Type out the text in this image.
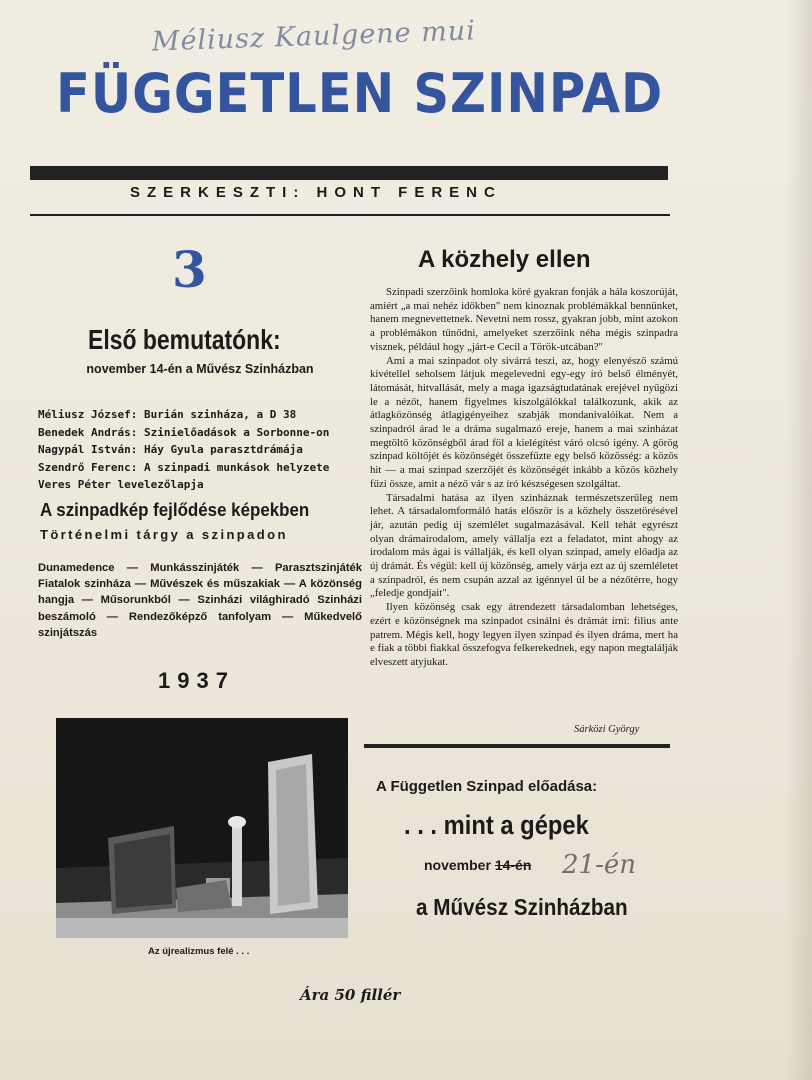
Méliusz Kaulgene mui
FÜGGETLEN SZINPAD
SZERKESZTI: HONT FERENC
3
Első bemutatónk:
november 14-én a Művész Szinházban
Méliusz József: Burián szinháza, a D 38
Benedek András: Szinielőadások a Sorbonne-on
Nagypál István: Háy Gyula parasztdrámája
Szendrő Ferenc: A szinpadi munkások helyzete
Veres Péter levelezőlapja
A szinpadkép fejlődése képekben
Történelmi tárgy a szinpadon
Dunamedence — Munkásszinjáték — Parasztszinjáték Fiatalok szinháza — Művészek és műszakiak — A közönség hangja — Műsorunkból — Szinházi világhiradó Szinházi beszámoló — Rendezőképző tanfolyam — Műkedvelő szinjátszás
1937
Az újrealizmus felé . . .
Ára 50 fillér
A közhely ellen

Szinpadi szerzőink homloka köré gyakran fonják a hála koszorúját, amiért „a mai nehéz időkben" nem kinoznak problémákkal bennünket, hanem megnevettetnek. Nevetni nem rossz, gyakran jobb, mint azokon a problémákon tűnődni, amelyeket szerzőink néha mégis szinpadra visznek, például hogy „járt-e Cecil a Török-utcában?"

Ami a mai szinpadot oly sivárrá teszi, az, hogy elenyésző számú kivétellel seholsem látjuk megelevedni egy-egy író belső élményét, látomását, hitvallását, mely a maga igazságtudatának erejével nyűgözi le a nézőt, hanem figyelmes kiszolgálókkal találkozunk, akik az átlagközönség átlagigényeihez szabják mondanivalóikat. Nem a szinpadról árad le a dráma sugalmazó ereje, hanem a mai szinházat megtöltő közönségből árad föl a kielégítést váró olcsó igény. A görög szinpad költőjét és közönségét összefűzte egy belső közösség: a közös hit — a mai szinpad szerzőjét és közönségét inkább a közös közhely fűzi össze, amit a néző vár s az író készségesen szolgáltat.

Társadalmi hatása az ilyen szinháznak természetszerűleg nem lehet. A társadalomformáló hatás először is a közhely összetörésével jár, azután pedig új szemlélet sugalmazásával. Kell tehát egyrészt olyan drámairodalom, amely vállalja ezt a feladatot, mint ahogy az irodalom más ágai is vállalják, és kell olyan szinpad, amely előadja az új drámát. És végül: kell új közönség, amely várja ezt az új szemléletet a szinpadról, és nem csupán azzal az igénnyel ül be a nézőtérre, hogy „feledje gondjait".

Ilyen közönség csak egy átrendezett társadalomban lehetséges, ezért e közönségnek ma szinpadot csinálni és drámát írni: filius ante patrem. Mégis kell, hogy legyen ilyen szinpad és ilyen dráma, mert ha e fiak a többi fiakkal összefogva felkerekednek, egy napon megtalálják elveszett atyjukat.

Sárközi György
A Független Szinpad előadása:
. . . mint a gépek
november 14-én 21-én
a Művész Szinházban
